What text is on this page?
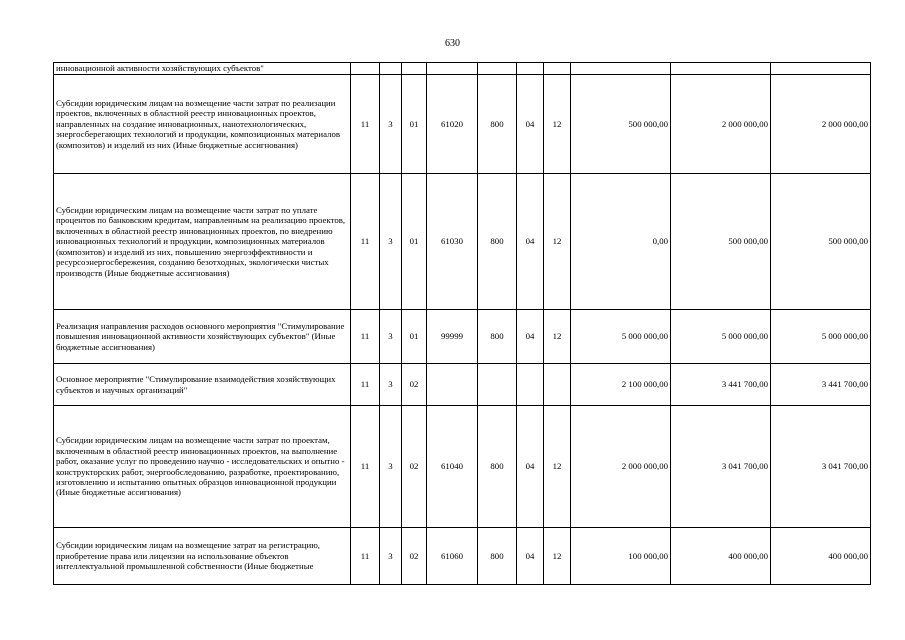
630
инновационной активности хозяйствующих субъектов"										
Субсидии юридическим лицам на возмещение части затрат по реализации проектов, включенных в областной реестр инновационных проектов, направленных на создание инновационных, нанотехнологических, энергосберегающих технологий и продукции, композиционных материалов (композитов) и изделий из них (Иные бюджетные ассигнования)	11	3	01	61020	800	04	12	500 000,00	2 000 000,00	2 000 000,00
Субсидии юридическим лицам на возмещение части затрат по уплате процентов по банковским кредитам, направленным на реализацию проектов, включенных в областной реестр инновационных проектов, по внедрению инновационных технологий и продукции, композиционных материалов (композитов) и изделий из них, повышению энергоэффективности и ресурсоэнергосбережения, созданию безотходных, экологически чистых производств (Иные бюджетные ассигнования)	11	3	01	61030	800	04	12	0,00	500 000,00	500 000,00
Реализация направления расходов основного мероприятия "Стимулирование повышения инновационной активности хозяйствующих субъектов" (Иные бюджетные ассигнования)	11	3	01	99999	800	04	12	5 000 000,00	5 000 000,00	5 000 000,00
Основное мероприятие "Стимулирование взаимодействия хозяйствующих субъектов и научных организаций"	11	3	02					2 100 000,00	3 441 700,00	3 441 700,00
Субсидии юридическим лицам на возмещение части затрат по проектам, включенным в областной реестр инновационных проектов, на выполнение работ, оказание услуг по проведению научно - исследовательских и опытно - конструкторских работ, энергообследованию, разработке, проектированию, изготовлению и испытанию опытных образцов инновационной продукции (Иные бюджетные ассигнования)	11	3	02	61040	800	04	12	2 000 000,00	3 041 700,00	3 041 700,00
Субсидии юридическим лицам на возмещение затрат на регистрацию, приобретение права или лицензии на использование объектов интеллектуальной промышленной собственности (Иные бюджетные	11	3	02	61060	800	04	12	100 000,00	400 000,00	400 000,00
